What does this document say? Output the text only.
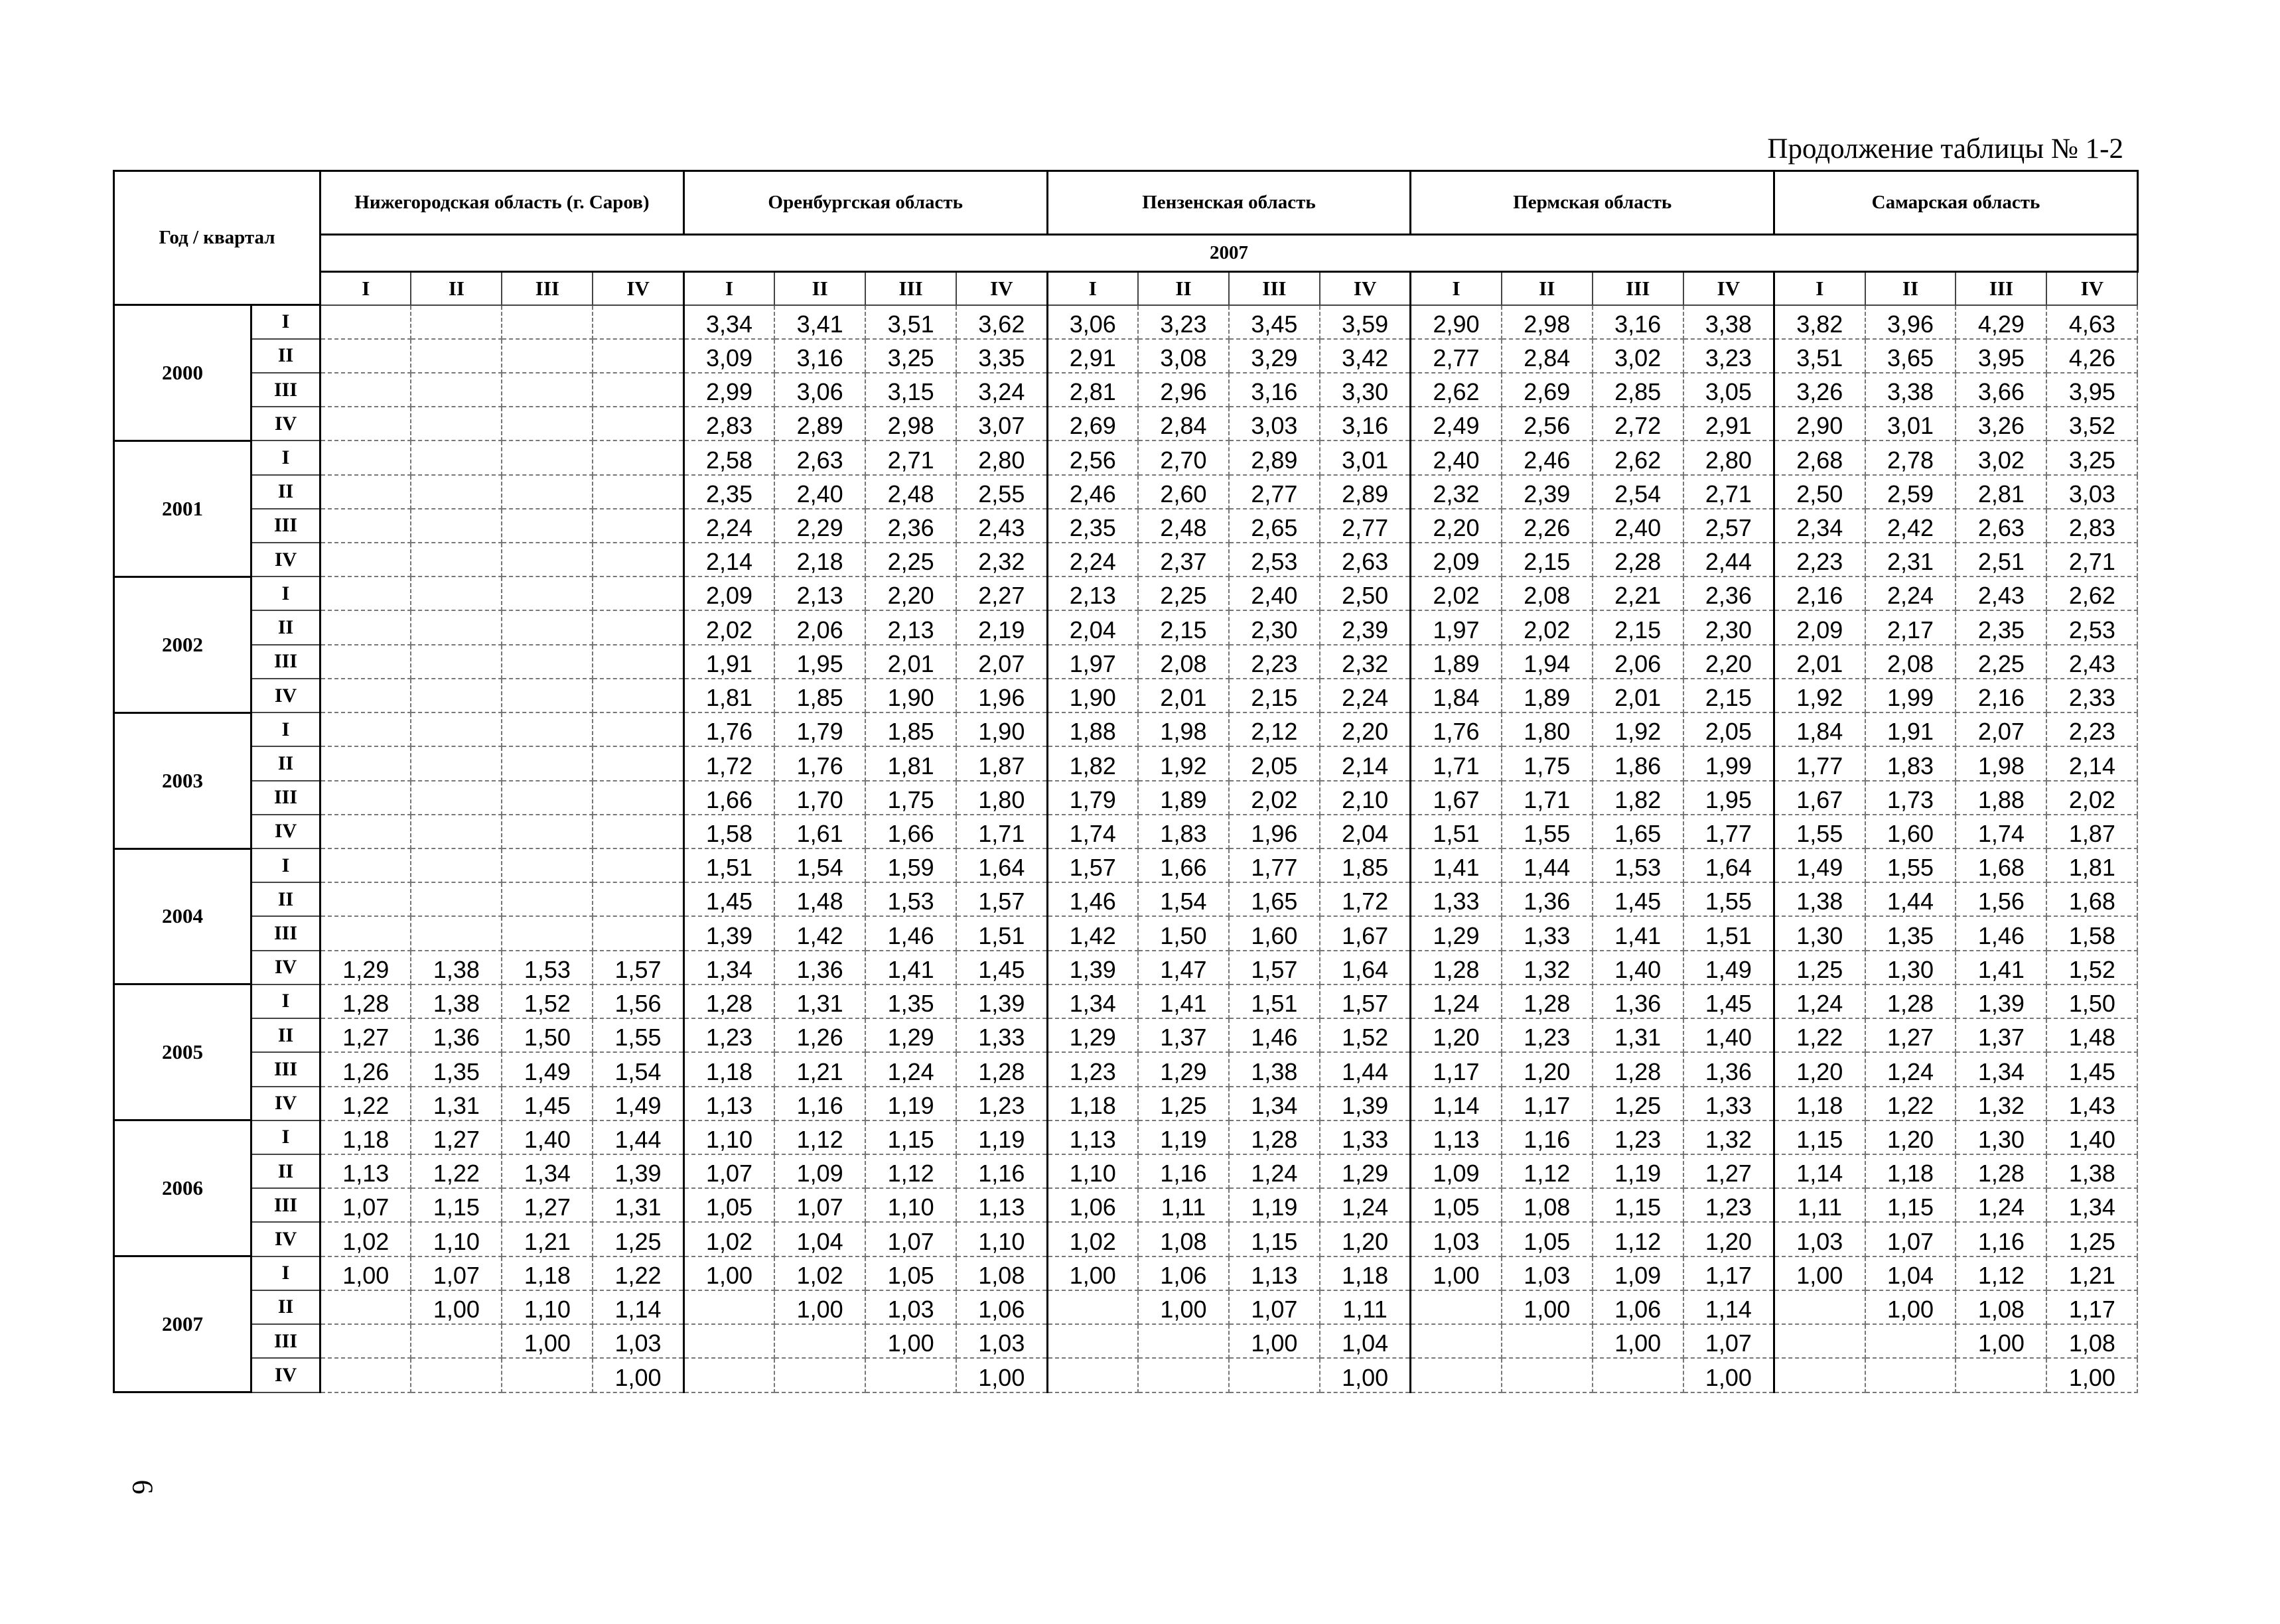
Продолжение таблицы № 1-2
Год / квартал		Нижегородская область (г. Саров)				Оренбургская область				Пензенская область				Пермская область				Самарская область			
		2007																			
		I	II	III	IV	I	II	III	IV	I	II	III	IV	I	II	III	IV	I	II	III	IV
2000	I					3,34	3,41	3,51	3,62	3,06	3,23	3,45	3,59	2,90	2,98	3,16	3,38	3,82	3,96	4,29	4,63
	II					3,09	3,16	3,25	3,35	2,91	3,08	3,29	3,42	2,77	2,84	3,02	3,23	3,51	3,65	3,95	4,26
	III					2,99	3,06	3,15	3,24	2,81	2,96	3,16	3,30	2,62	2,69	2,85	3,05	3,26	3,38	3,66	3,95
	IV					2,83	2,89	2,98	3,07	2,69	2,84	3,03	3,16	2,49	2,56	2,72	2,91	2,90	3,01	3,26	3,52
2001	I					2,58	2,63	2,71	2,80	2,56	2,70	2,89	3,01	2,40	2,46	2,62	2,80	2,68	2,78	3,02	3,25
	II					2,35	2,40	2,48	2,55	2,46	2,60	2,77	2,89	2,32	2,39	2,54	2,71	2,50	2,59	2,81	3,03
	III					2,24	2,29	2,36	2,43	2,35	2,48	2,65	2,77	2,20	2,26	2,40	2,57	2,34	2,42	2,63	2,83
	IV					2,14	2,18	2,25	2,32	2,24	2,37	2,53	2,63	2,09	2,15	2,28	2,44	2,23	2,31	2,51	2,71
2002	I					2,09	2,13	2,20	2,27	2,13	2,25	2,40	2,50	2,02	2,08	2,21	2,36	2,16	2,24	2,43	2,62
	II					2,02	2,06	2,13	2,19	2,04	2,15	2,30	2,39	1,97	2,02	2,15	2,30	2,09	2,17	2,35	2,53
	III					1,91	1,95	2,01	2,07	1,97	2,08	2,23	2,32	1,89	1,94	2,06	2,20	2,01	2,08	2,25	2,43
	IV					1,81	1,85	1,90	1,96	1,90	2,01	2,15	2,24	1,84	1,89	2,01	2,15	1,92	1,99	2,16	2,33
2003	I					1,76	1,79	1,85	1,90	1,88	1,98	2,12	2,20	1,76	1,80	1,92	2,05	1,84	1,91	2,07	2,23
	II					1,72	1,76	1,81	1,87	1,82	1,92	2,05	2,14	1,71	1,75	1,86	1,99	1,77	1,83	1,98	2,14
	III					1,66	1,70	1,75	1,80	1,79	1,89	2,02	2,10	1,67	1,71	1,82	1,95	1,67	1,73	1,88	2,02
	IV					1,58	1,61	1,66	1,71	1,74	1,83	1,96	2,04	1,51	1,55	1,65	1,77	1,55	1,60	1,74	1,87
2004	I					1,51	1,54	1,59	1,64	1,57	1,66	1,77	1,85	1,41	1,44	1,53	1,64	1,49	1,55	1,68	1,81
	II					1,45	1,48	1,53	1,57	1,46	1,54	1,65	1,72	1,33	1,36	1,45	1,55	1,38	1,44	1,56	1,68
	III					1,39	1,42	1,46	1,51	1,42	1,50	1,60	1,67	1,29	1,33	1,41	1,51	1,30	1,35	1,46	1,58
	IV	1,29	1,38	1,53	1,57	1,34	1,36	1,41	1,45	1,39	1,47	1,57	1,64	1,28	1,32	1,40	1,49	1,25	1,30	1,41	1,52
2005	I	1,28	1,38	1,52	1,56	1,28	1,31	1,35	1,39	1,34	1,41	1,51	1,57	1,24	1,28	1,36	1,45	1,24	1,28	1,39	1,50
	II	1,27	1,36	1,50	1,55	1,23	1,26	1,29	1,33	1,29	1,37	1,46	1,52	1,20	1,23	1,31	1,40	1,22	1,27	1,37	1,48
	III	1,26	1,35	1,49	1,54	1,18	1,21	1,24	1,28	1,23	1,29	1,38	1,44	1,17	1,20	1,28	1,36	1,20	1,24	1,34	1,45
	IV	1,22	1,31	1,45	1,49	1,13	1,16	1,19	1,23	1,18	1,25	1,34	1,39	1,14	1,17	1,25	1,33	1,18	1,22	1,32	1,43
2006	I	1,18	1,27	1,40	1,44	1,10	1,12	1,15	1,19	1,13	1,19	1,28	1,33	1,13	1,16	1,23	1,32	1,15	1,20	1,30	1,40
	II	1,13	1,22	1,34	1,39	1,07	1,09	1,12	1,16	1,10	1,16	1,24	1,29	1,09	1,12	1,19	1,27	1,14	1,18	1,28	1,38
	III	1,07	1,15	1,27	1,31	1,05	1,07	1,10	1,13	1,06	1,11	1,19	1,24	1,05	1,08	1,15	1,23	1,11	1,15	1,24	1,34
	IV	1,02	1,10	1,21	1,25	1,02	1,04	1,07	1,10	1,02	1,08	1,15	1,20	1,03	1,05	1,12	1,20	1,03	1,07	1,16	1,25
2007	I	1,00	1,07	1,18	1,22	1,00	1,02	1,05	1,08	1,00	1,06	1,13	1,18	1,00	1,03	1,09	1,17	1,00	1,04	1,12	1,21
	II		1,00	1,10	1,14		1,00	1,03	1,06		1,00	1,07	1,11		1,00	1,06	1,14		1,00	1,08	1,17
	III			1,00	1,03			1,00	1,03			1,00	1,04			1,00	1,07			1,00	1,08
	IV				1,00				1,00				1,00				1,00				1,00
6
